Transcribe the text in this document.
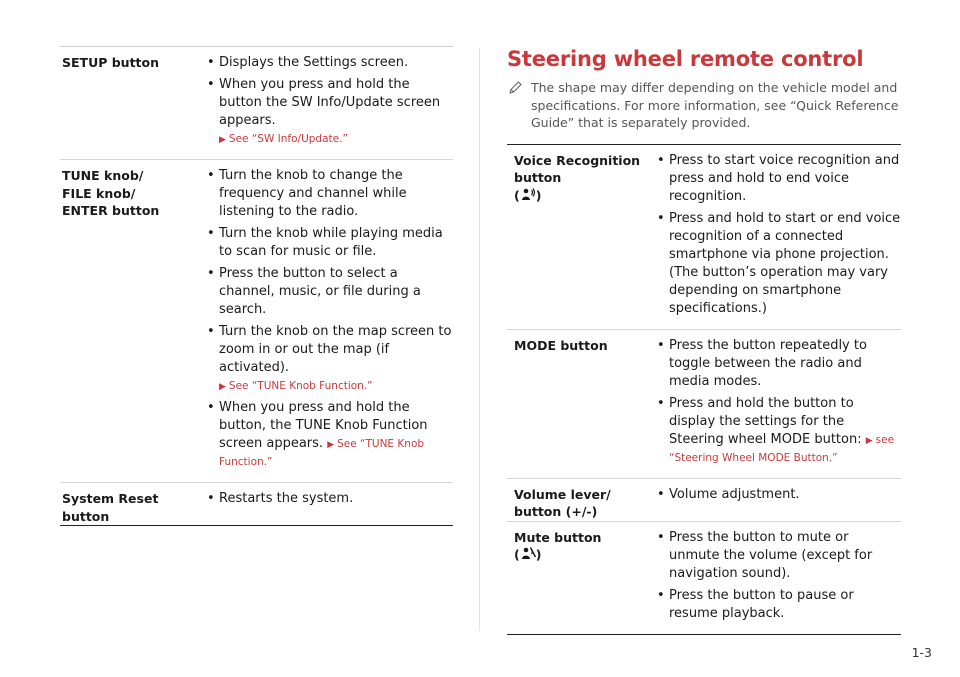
SETUP button	• Displays the Settings screen.
• When you press and hold the button the SW Info/Update screen appears.
▶ See “SW Info/Update.”
TUNE knob/
FILE knob/
ENTER button
• Turn the knob to change the frequency and channel while listening to the radio.
• Turn the knob while playing media to scan for music or file.
• Press the button to select a channel, music, or file during a search.
• Turn the knob on the map screen to zoom in or out the map (if activated).
▶ See “TUNE Knob Function.”
• When you press and hold the button, the TUNE Knob Function screen appears. ▶ See “TUNE Knob Function.”
System Reset
button
• Restarts the system.
Steering wheel remote control
The shape may differ depending on the vehicle model and specifications. For more information, see “Quick Reference Guide” that is separately provided.
Voice Recognition
button
( )
• Press to start voice recognition and press and hold to end voice recognition.
• Press and hold to start or end voice recognition of a connected smartphone via phone projection. (The button’s operation may vary depending on smartphone specifications.)
MODE button	• Press the button repeatedly to toggle between the radio and media modes.
• Press and hold the button to display the settings for the Steering wheel MODE button: ▶ see “Steering Wheel MODE Button.”
Volume lever/
button (+/-)
• Volume adjustment.
Mute button
( )
• Press the button to mute or unmute the volume (except for navigation sound).
• Press the button to pause or resume playback.
1-3
